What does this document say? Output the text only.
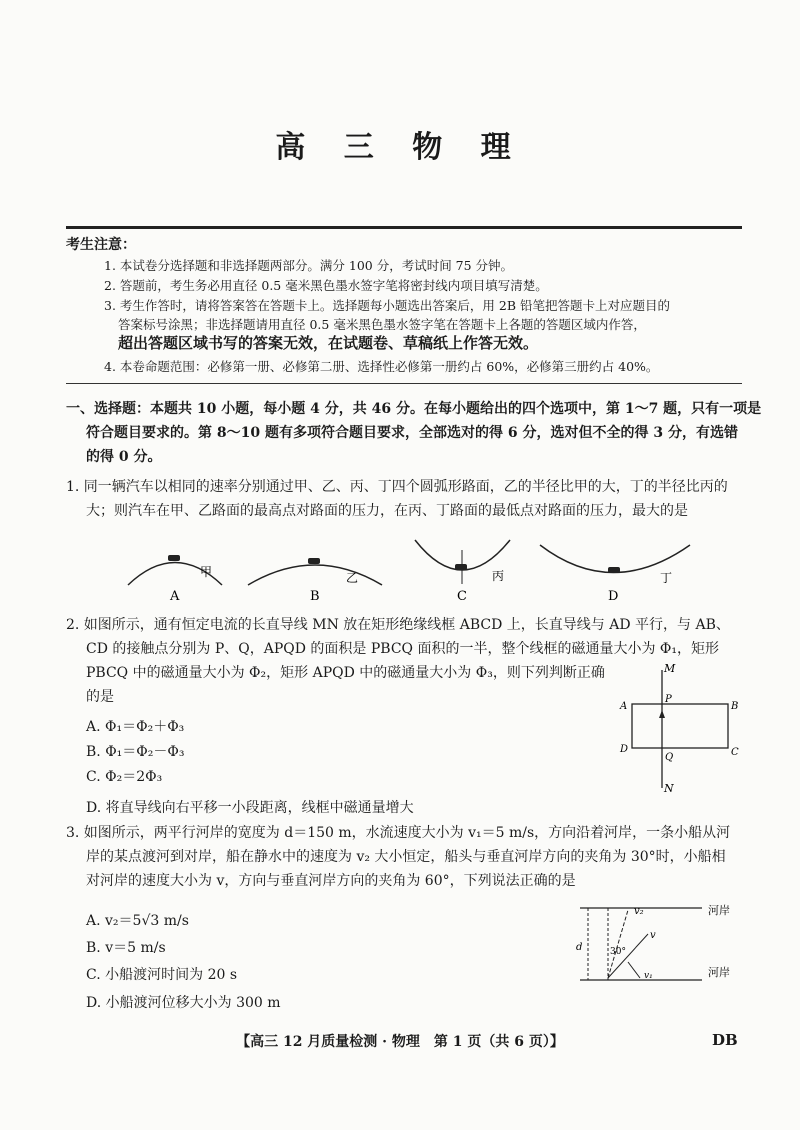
高 三 物 理
考生注意：
1. 本试卷分选择题和非选择题两部分。满分 100 分，考试时间 75 分钟。
2. 答题前，考生务必用直径 0.5 毫米黑色墨水签字笔将密封线内项目填写清楚。
3. 考生作答时，请将答案答在答题卡上。选择题每小题选出答案后，用 2B 铅笔把答题卡上对应题目的
答案标号涂黑；非选择题请用直径 0.5 毫米黑色墨水签字笔在答题卡上各题的答题区域内作答，
超出答题区域书写的答案无效，在试题卷、草稿纸上作答无效。
4. 本卷命题范围：必修第一册、必修第二册、选择性必修第一册约占 60%，必修第三册约占 40%。
一、选择题：本题共 10 小题，每小题 4 分，共 46 分。在每小题给出的四个选项中，第 1～7 题，只有一项是
符合题目要求的。第 8～10 题有多项符合题目要求，全部选对的得 6 分，选对但不全的得 3 分，有选错
的得 0 分。
1. 同一辆汽车以相同的速率分别通过甲、乙、丙、丁四个圆弧形路面，乙的半径比甲的大，丁的半径比丙的
大；则汽车在甲、乙路面的最高点对路面的压力，在丙、丁路面的最低点对路面的压力，最大的是
甲
A
乙
B
丙
C
丁
D
2. 如图所示，通有恒定电流的长直导线 MN 放在矩形绝缘线框 ABCD 上，长直导线与 AD 平行，与 AB、
CD 的接触点分别为 P、Q，APQD 的面积是 PBCQ 面积的一半，整个线框的磁通量大小为 Φ₁，矩形
PBCQ 中的磁通量大小为 Φ₂，矩形 APQD 中的磁通量大小为 Φ₃，则下列判断正确
的是
A. Φ₁＝Φ₂＋Φ₃
B. Φ₁＝Φ₂－Φ₃
C. Φ₂＝2Φ₃
D. 将直导线向右平移一小段距离，线框中磁通量增大
M
N
P
Q
A	B
C
D
3. 如图所示，两平行河岸的宽度为 d＝150 m，水流速度大小为 v₁＝5 m/s，方向沿着河岸，一条小船从河
岸的某点渡河到对岸，船在静水中的速度为 v₂ 大小恒定，船头与垂直河岸方向的夹角为 30°时，小船相
对河岸的速度大小为 v，方向与垂直河岸方向的夹角为 60°，下列说法正确的是
A. v₂＝5√3 m/s
B. v＝5 m/s
C. 小船渡河时间为 20 s
D. 小船渡河位移大小为 300 m
d
v₂
v
30°
v₁
河岸
河岸
【高三 12 月质量检测 · 物理　第 1 页（共 6 页）】	DB
